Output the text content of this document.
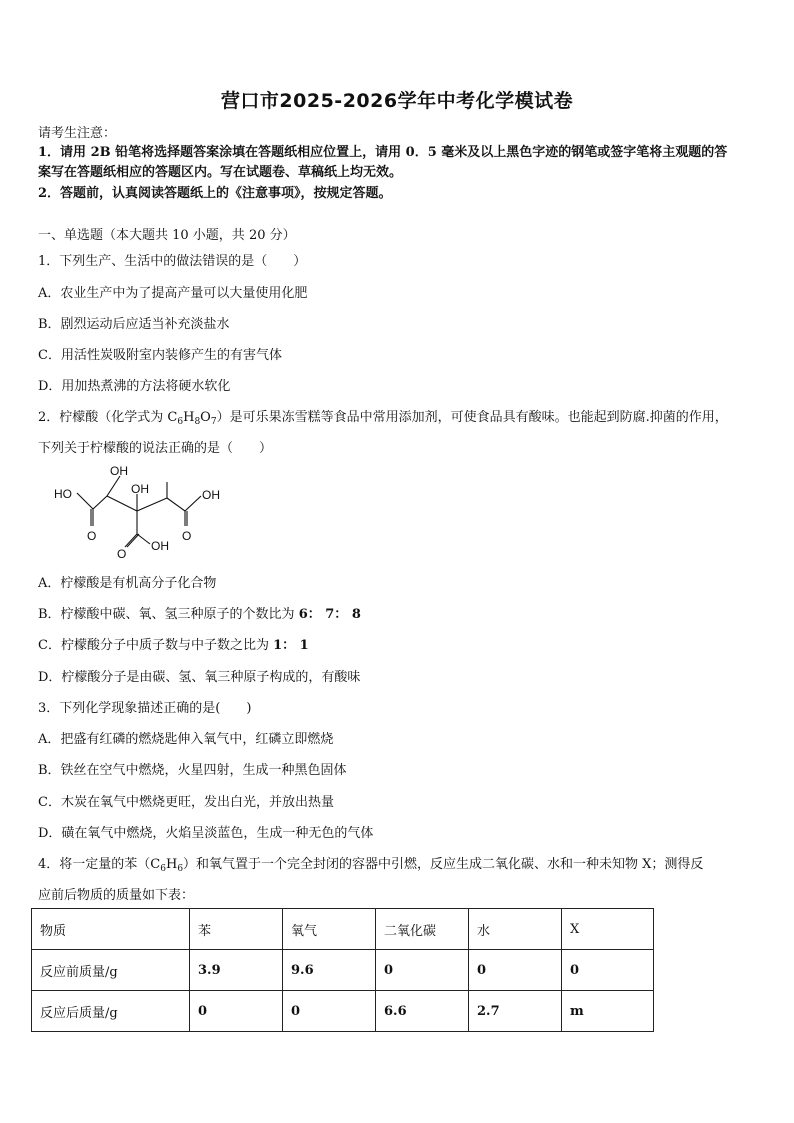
营口市2025-2026学年中考化学模试卷
请考生注意：
1．请用 2B 铅笔将选择题答案涂填在答题纸相应位置上，请用 0．5 毫米及以上黑色字迹的钢笔或签字笔将主观题的答
案写在答题纸相应的答题区内。写在试题卷、草稿纸上均无效。
2．答题前，认真阅读答题纸上的《注意事项》，按规定答题。
一、单选题（本大题共 10 小题，共 20 分）
1．下列生产、生活中的做法错误的是（　　）
A．农业生产中为了提高产量可以大量使用化肥
B．剧烈运动后应适当补充淡盐水
C．用活性炭吸附室内装修产生的有害气体
D．用加热煮沸的方法将硬水软化
2．柠檬酸（化学式为 $C_6H_8O_7$）是可乐果冻雪糕等食品中常用添加剂，可使食品具有酸味。也能起到防腐.抑菌的作用，
下列关于柠檬酸的说法正确的是（　　）
OH
OH
HO	OH
O	O
O
OH
A．柠檬酸是有机高分子化合物
B．柠檬酸中碳、氧、氢三种原子的个数比为 6： 7： 8
C．柠檬酸分子中质子数与中子数之比为 1： 1
D．柠檬酸分子是由碳、氢、氧三种原子构成的，有酸味
3．下列化学现象描述正确的是(　　)
A．把盛有红磷的燃烧匙伸入氧气中，红磷立即燃烧
B．铁丝在空气中燃烧，火星四射，生成一种黑色固体
C．木炭在氧气中燃烧更旺，发出白光，并放出热量
D．磺在氧气中燃烧，火焰呈淡蓝色，生成一种无色的气体
4．将一定量的苯$(C_6H_6)$和氧气置于一个完全封闭的容器中引燃，反应生成二氧化碳、水和一种未知物 X；测得反
应前后物质的质量如下表：
物质	苯	氧气	二氧化碳	水	X
反应前质量/g	3.9	9.6	0	0	0
反应后质量/g	0	0	6.6	2.7	m
